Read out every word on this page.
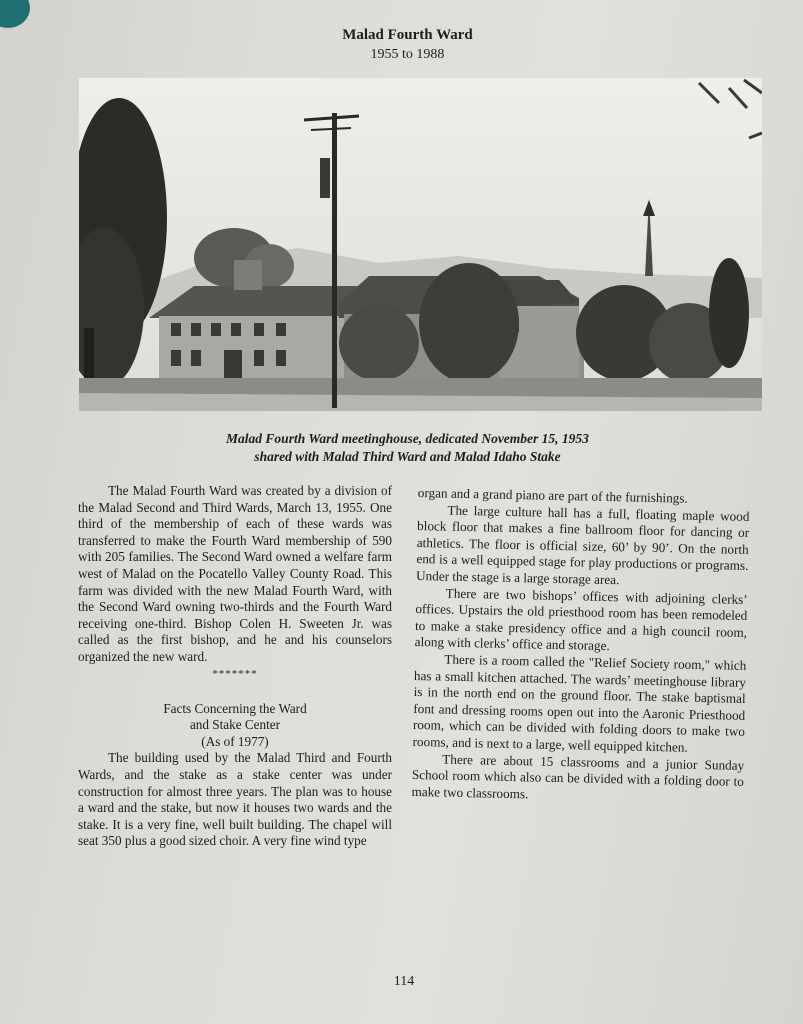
Malad Fourth Ward
1955 to 1988
Malad Fourth Ward meetinghouse, dedicated November 15, 1953
shared with Malad Third Ward and Malad Idaho Stake

The Malad Fourth Ward was created by a division of the Malad Second and Third Wards, March 13, 1955. One third of the membership of each of these wards was transferred to make the Fourth Ward membership of 590 with 205 families. The Second Ward owned a welfare farm west of Malad on the Pocatello Valley County Road. This farm was divided with the new Malad Fourth Ward, with the Second Ward owning two-thirds and the Fourth Ward receiving one-third. Bishop Colen H. Sweeten Jr. was called as the first bishop, and he and his counselors organized the new ward.

*******
Facts Concerning the Ward
and Stake Center
(As of 1977)

The building used by the Malad Third and Fourth Wards, and the stake as a stake center was under construction for almost three years. The plan was to house a ward and the stake, but now it houses two wards and the stake. It is a very fine, well built building. The chapel will seat 350 plus a good sized choir. A very fine wind type

organ and a grand piano are part of the furnishings.

The large culture hall has a full, floating maple wood block floor that makes a fine ballroom floor for dancing or athletics. The floor is official size, 60’ by 90’. On the north end is a well equipped stage for play productions or programs. Under the stage is a large storage area.

There are two bishops’ offices with adjoining clerks’ offices. Upstairs the old priesthood room has been remodeled to make a stake presidency office and a high council room, along with clerks’ office and storage.

There is a room called the "Relief Society room," which has a small kitchen attached. The wards’ meetinghouse library is in the north end on the ground floor. The stake baptismal font and dressing rooms open out into the Aaronic Priesthood room, which can be divided with folding doors to make two rooms, and is next to a large, well equipped kitchen.

There are about 15 classrooms and a junior Sunday School room which also can be divided with a folding door to make two classrooms.

114
